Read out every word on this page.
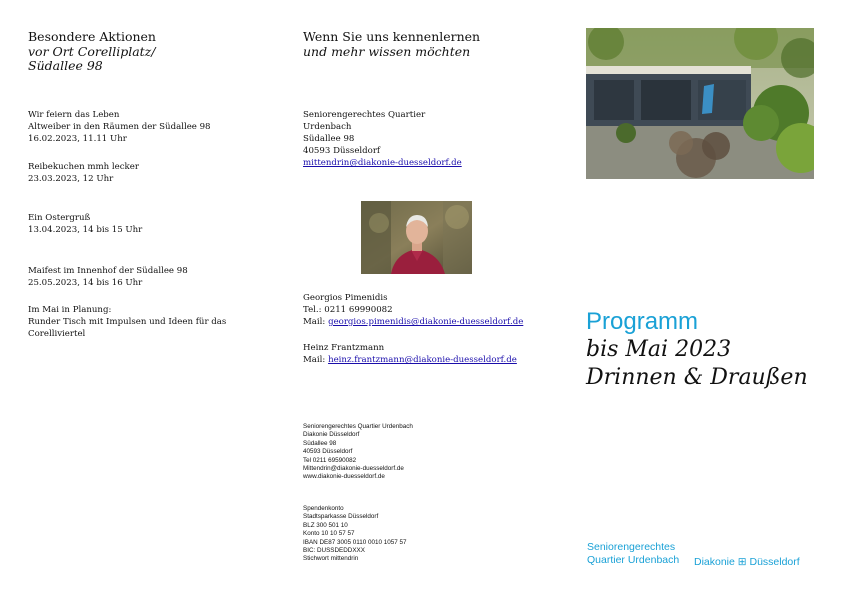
Besondere Aktionen
vor Ort Corelliplatz/
Südallee 98
Wir feiern das Leben
Altweiber in den Räumen der Südallee 98
16.02.2023, 11.11 Uhr
Reibekuchen mmh lecker
23.03.2023, 12 Uhr
Ein Ostergruß
13.04.2023, 14 bis 15 Uhr
Maifest im Innenhof der Südallee 98
25.05.2023, 14 bis 16 Uhr
Im Mai in Planung:
Runder Tisch mit Impulsen und Ideen für das
Corelliviertel
Wenn Sie uns kennenlernen
und mehr wissen möchten
Seniorengerechtes Quartier
Urdenbach
Südallee 98
40593 Düsseldorf
mittendrin@diakonie-duesseldorf.de
Georgios Pimenidis
Tel.: 0211 69990082
Mail: georgios.pimenidis@diakonie-duesseldorf.de
Heinz Frantzmann
Mail: heinz.frantzmann@diakonie-duesseldorf.de
Seniorengerechtes Quartier Urdenbach
Diakonie Düsseldorf
Südallee 98
40593 Düsseldorf
Tel 0211 69590082
Mittendrin@diakonie-duesseldorf.de
www.diakonie-duesseldorf.de
Spendenkonto
Stadtsparkasse Düsseldorf
BLZ 300 501 10
Konto 10 10 57 57
IBAN DE87 3005 0110 0010 1057 57
BIC: DUSSDEDDXXX
Stichwort mittendrin
Programm
bis Mai 2023
Drinnen & Draußen
Seniorengerechtes
Quartier Urdenbach Diakonie ⊞ Düsseldorf
